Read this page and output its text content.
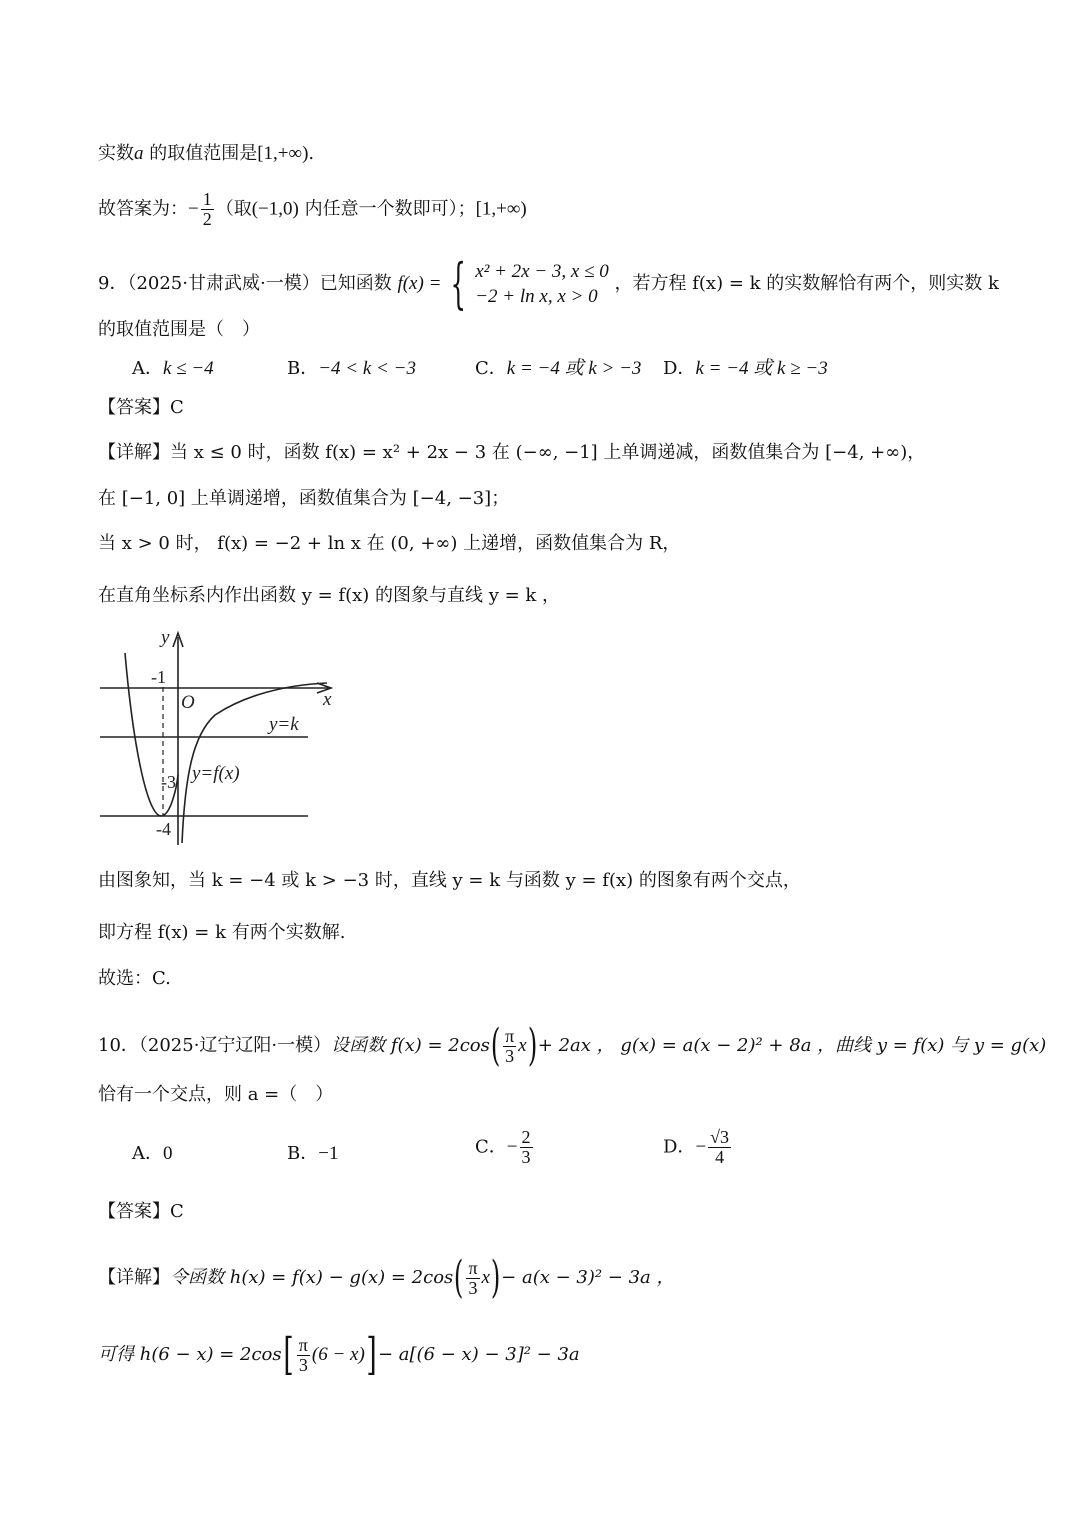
实数a 的取值范围是[1,+∞).
故答案为：− $\frac{1}{2}$ （取(−1,0) 内任意一个数即可）；[1,+∞)
9．（2025·甘肃武威·一模）已知函数 f(x) = { x² + 2x − 3, x ≤ 0
−2 + ln x, x > 0
，若方程 f(x) = k 的实数解恰有两个，则实数 k
的取值范围是（　）
A．k ≤ −4	B．−4 < k < −3	C．k = −4 或 k > −3 D．k = −4 或 k ≥ −3
【答案】C
【详解】当 x ≤ 0 时，函数 f(x) = x² + 2x − 3 在 (−∞, −1] 上单调递减，函数值集合为 [−4, +∞)，
在 [−1, 0] 上单调递增，函数值集合为 [−4, −3]；
当 x > 0 时， f(x) = −2 + ln x 在 (0, +∞) 上递增，函数值集合为 R，
在直角坐标系内作出函数 y = f(x) 的图象与直线 y = k ，
y
x
O
y=k
y=f(x)
-1
-3
-4
由图象知，当 k = −4 或 k > −3 时，直线 y = k 与函数 y = f(x) 的图象有两个交点，
即方程 f(x) = k 有两个实数解.
故选：C.
10．（2025·辽宁辽阳·一模）设函数 $f(x) = 2\cos( \frac{\pi}{3} x)+ 2ax$ ， g(x) = a(x − 2)² + 8a ，曲线 y = f(x) 与 y = g(x)
恰有一个交点，则 a =（　）
A．0	B．−1	C．− $\frac{2}{3}$	D．− $\frac{√3}{4}$
【答案】C
【详解】令函数 $h(x) = f(x) - g(x) = 2\cos( \frac{\pi}{3} x)- a(x - 3)^2 - 3a$ ，
可得 $h(6 - x) = 2\cos[ \frac{\pi}{3} (6 - x)]- a[(6 - x) - 3]^2 - 3a$
